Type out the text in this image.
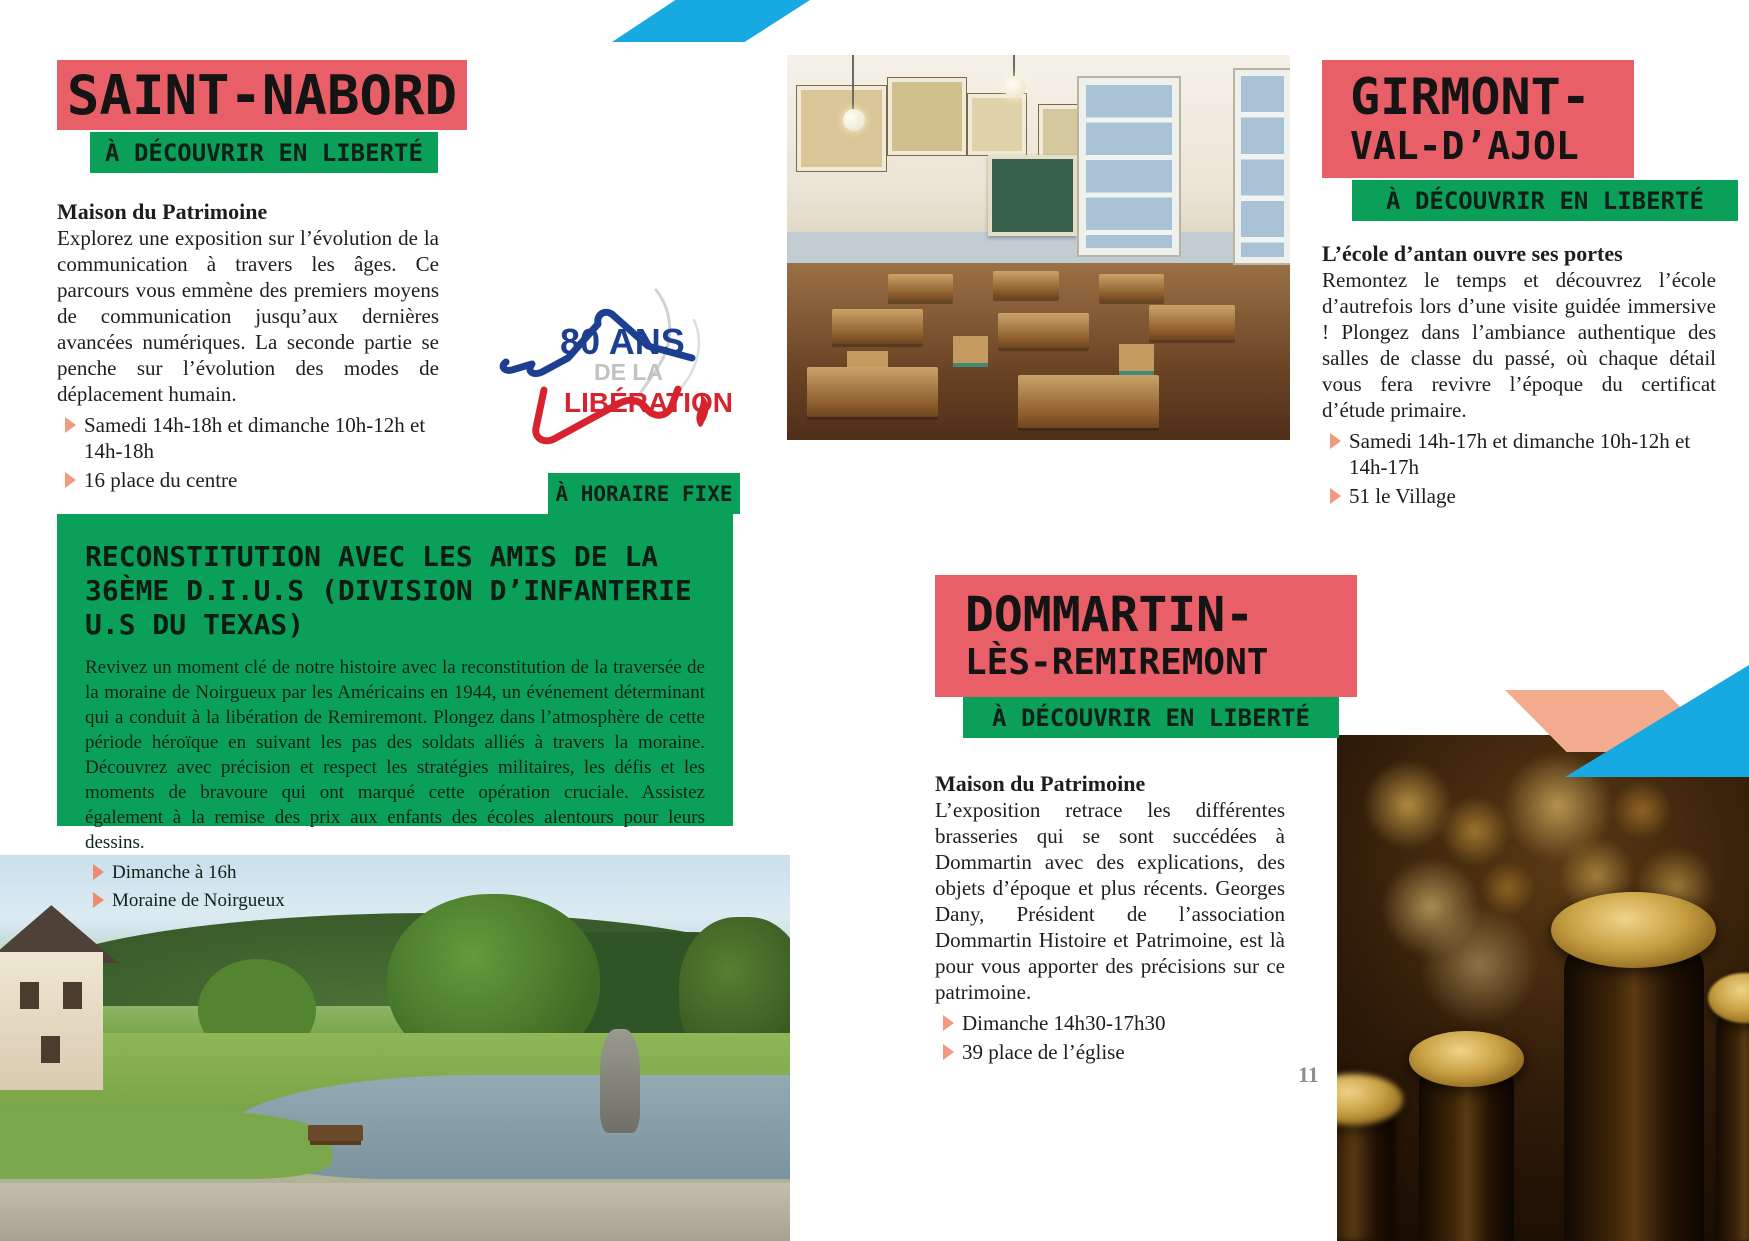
SAINT-NABORD
À DÉCOUVRIR EN LIBERTÉ
Maison du Patrimoine
Explorez une exposition sur l’évolution de la communication à travers les âges. Ce parcours vous emmène des premiers moyens de communication jusqu’aux dernières avancées numériques. La seconde partie se penche sur l’évolution des modes de déplacement humain.
Samedi 14h-18h et dimanche 10h-12h et 14h-18h
16 place du centre
80 ANS
DE LA
LIBÉRATION
À HORAIRE FIXE
RECONSTITUTION AVEC LES AMIS DE LA 36ÈME D.I.U.S (DIVISION D’INFANTERIE U.S DU TEXAS)
Revivez un moment clé de notre histoire avec la reconstitution de la traversée de la moraine de Noirgueux par les Américains en 1944, un événement déterminant qui a conduit à la libération de Remiremont. Plongez dans l’atmosphère de cette période héroïque en suivant les pas des soldats alliés à travers la moraine. Découvrez avec précision et respect les stratégies militaires, les défis et les moments de bravoure qui ont marqué cette opération cruciale. Assistez également à la remise des prix aux enfants des écoles alentours pour leurs dessins.
Dimanche à 16h
Moraine de Noirgueux
GIRMONT-
VAL-D’AJOL
À DÉCOUVRIR EN LIBERTÉ
L’école d’antan ouvre ses portes
Remontez le temps et découvrez l’école d’autrefois lors d’une visite guidée immersive ! Plongez dans l’ambiance authentique des salles de classe du passé, où chaque détail vous fera revivre l’époque du certificat d’étude primaire.
Samedi 14h-17h et dimanche 10h-12h et 14h-17h
51 le Village
DOMMARTIN-
LÈS-REMIREMONT
À DÉCOUVRIR EN LIBERTÉ
Maison du Patrimoine
L’exposition retrace les différentes brasseries qui se sont succédées à Dommartin avec des explications, des objets d’époque et plus récents. Georges Dany, Président de l’association Dommartin Histoire et Patrimoine, est là pour vous apporter des précisions sur ce patrimoine.
Dimanche 14h30-17h30
39 place de l’église
11
